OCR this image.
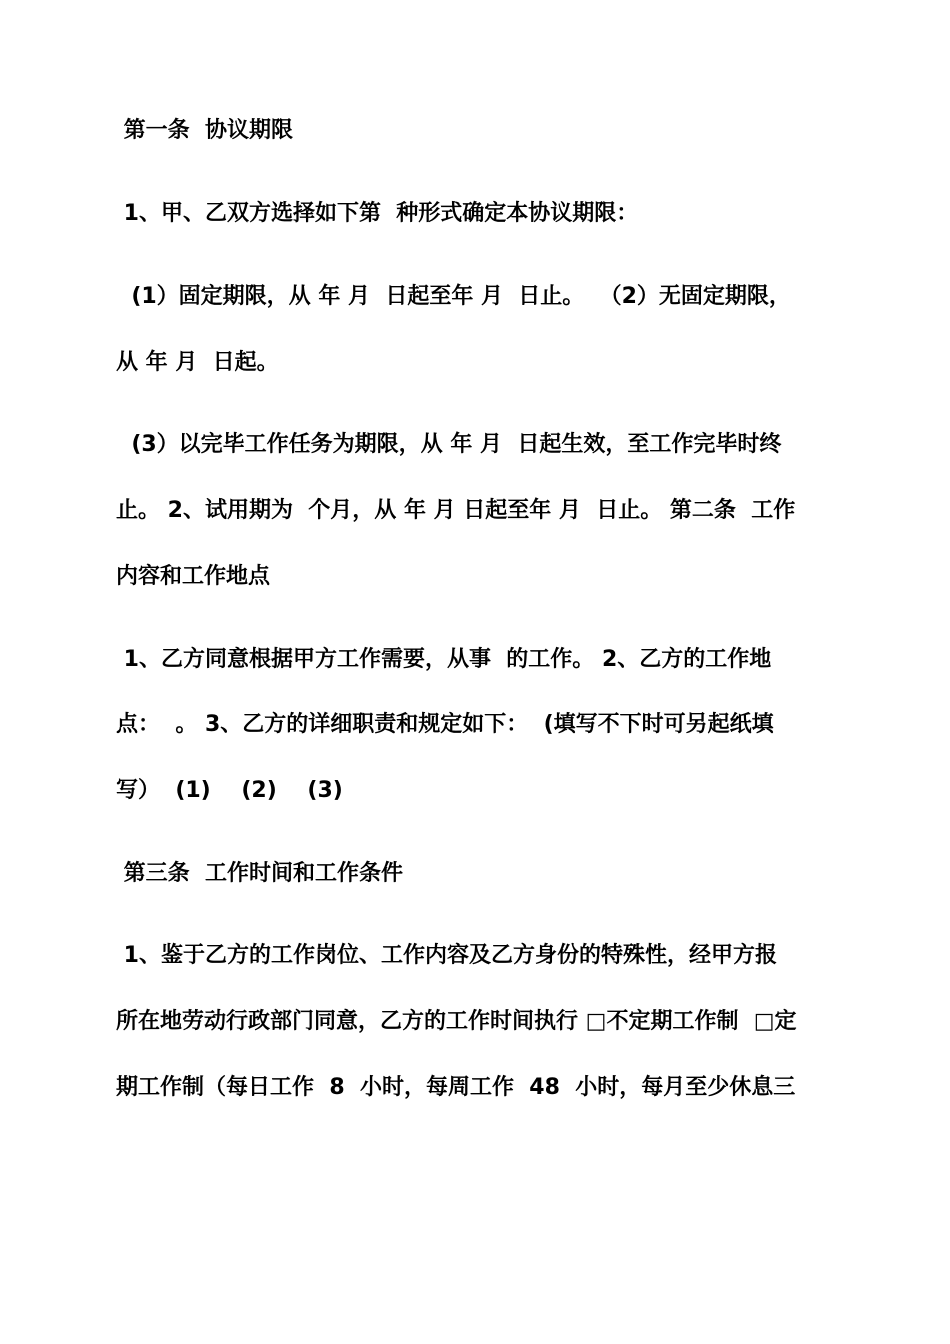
第一条  协议期限
1、甲、乙双方选择如下第  种形式确定本协议期限：
(1）固定期限，从 年 月  日起至年 月  日止。  （2）无固定期限，
从 年 月  日起。
(3）以完毕工作任务为期限，从 年 月  日起生效，至工作完毕时终
止。 2、试用期为  个月，从 年 月 日起至年 月  日止。 第二条  工作
内容和工作地点
1、乙方同意根据甲方工作需要，从事  的工作。 2、乙方的工作地
点：  。 3、乙方的详细职责和规定如下：  (填写不下时可另起纸填
写）  (1)    (2)    (3)
第三条  工作时间和工作条件
1、鉴于乙方的工作岗位、工作内容及乙方身份的特殊性，经甲方报
所在地劳动行政部门同意，乙方的工作时间执行 □不定期工作制  □定
期工作制（每日工作  8  小时，每周工作  48  小时，每月至少休息三
